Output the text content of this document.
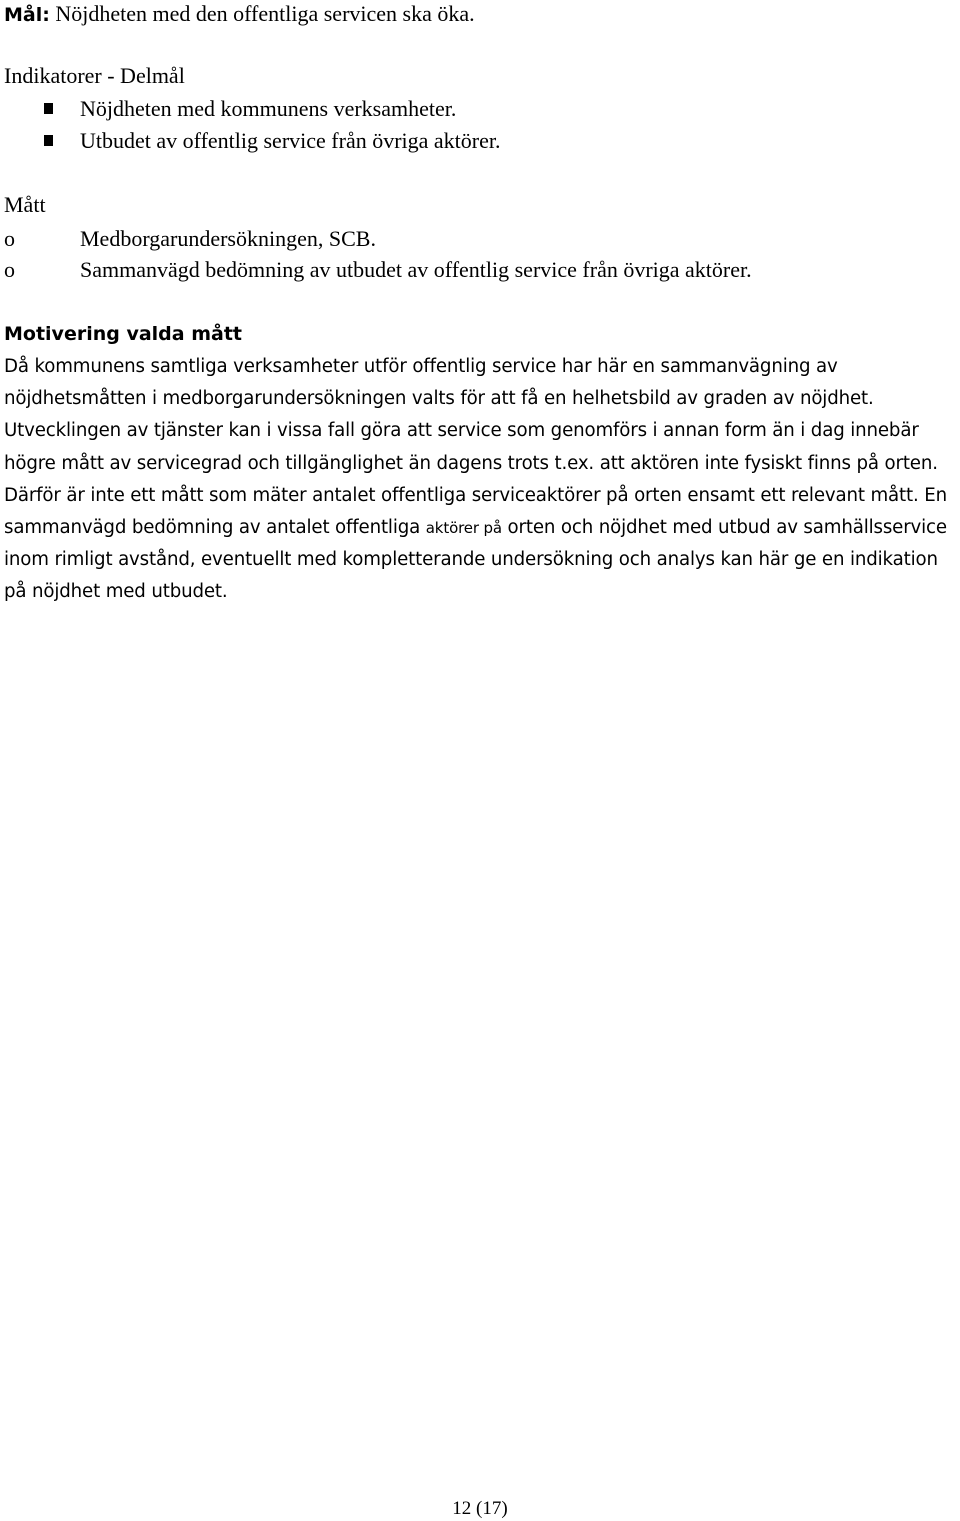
Mål: Nöjdheten med den offentliga servicen ska öka.
Indikatorer - Delmål
Nöjdheten med kommunens verksamheter.
Utbudet av offentlig service från övriga aktörer.
Mått
o	Medborgarundersökningen, SCB.
o	Sammanvägd bedömning av utbudet av offentlig service från övriga aktörer.
Motivering valda mått
Då kommunens samtliga verksamheter utför offentlig service har här en sammanvägning av nöjdhetsmåtten i medborgarundersökningen valts för att få en helhetsbild av graden av nöjdhet. Utvecklingen av tjänster kan i vissa fall göra att service som genomförs i annan form än i dag innebär högre mått av servicegrad och tillgänglighet än dagens trots t.ex. att aktören inte fysiskt finns på orten. Därför är inte ett mått som mäter antalet offentliga serviceaktörer på orten ensamt ett relevant mått. En sammanvägd bedömning av antalet offentliga aktörer på orten och nöjdhet med utbud av samhällsservice inom rimligt avstånd, eventuellt med kompletterande undersökning och analys kan här ge en indikation på nöjdhet med utbudet.
12 (17)
